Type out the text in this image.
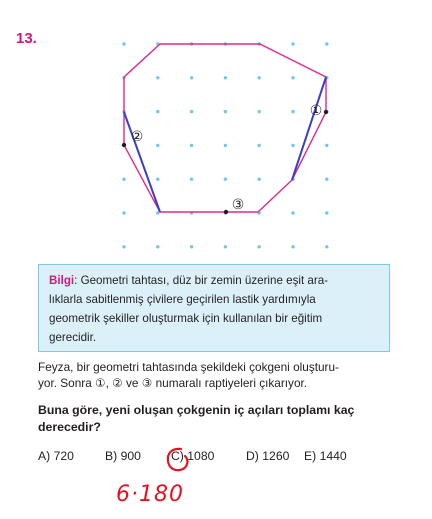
13.
①
②
③

Bilgi: Geometri tahtası, düz bir zemin üzerine eşit ara-

lıklarla sabitlenmiş çivilere geçirilen lastik yardımıyla

geometrik şekiller oluşturmak için kullanılan bir eğitim

gerecidir.

Feyza, bir geometri tahtasında şekildeki çokgeni oluşturu-

yor. Sonra ①, ② ve ③ numaralı raptiyeleri çıkarıyor.

Buna göre, yeni oluşan çokgenin iç açıları toplamı kaç

derecedir?

A) 720	B) 900 C) 1080	D) 1260 E) 1440
6·180
